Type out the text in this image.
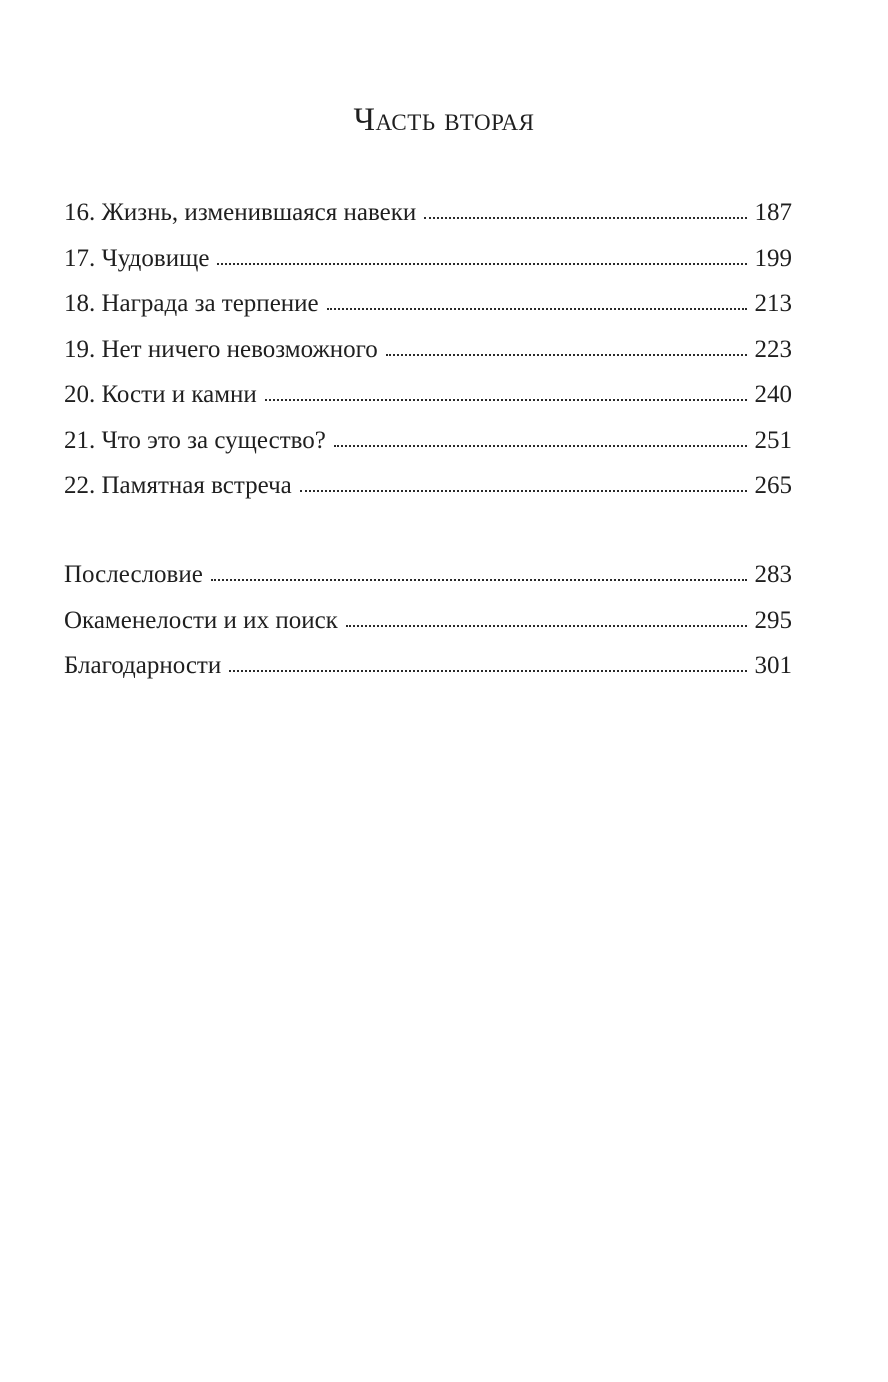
Часть вторая
16. Жизнь, изменившаяся навеки	187
17. Чудовище	199
18. Награда за терпение	213
19. Нет ничего невозможного	223
20. Кости и камни	240
21. Что это за существо?	251
22. Памятная встреча	265
Послесловие	283
Окаменелости и их поиск	295
Благодарности	301
